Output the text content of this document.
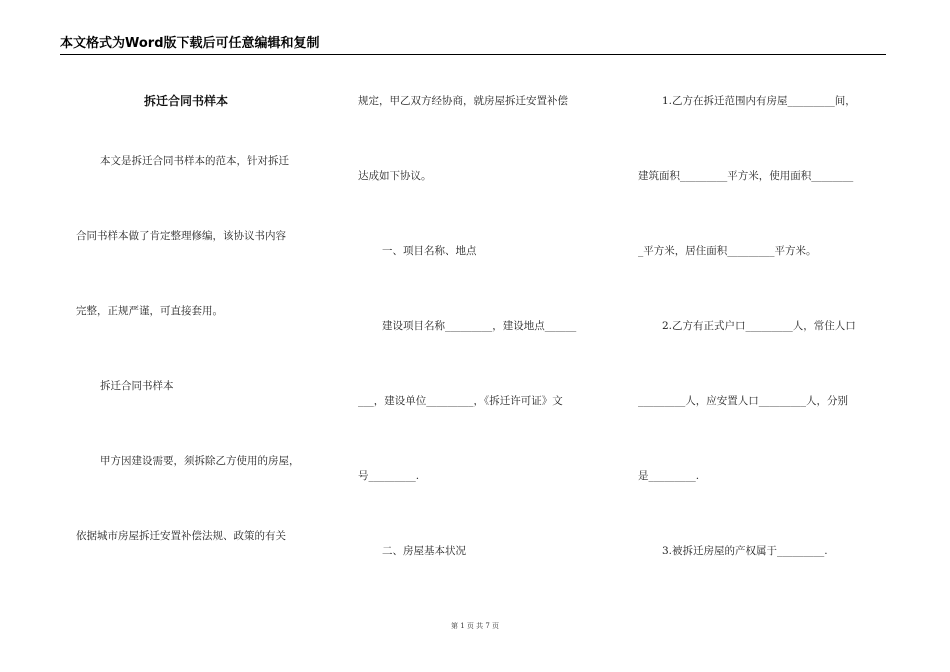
本文格式为Word版下载后可任意编辑和复制
拆迁合同书样本
本文是拆迁合同书样本的范本，针对拆迁
合同书样本做了肯定整理修编，该协议书内容
完整，正规严谨，可直接套用。
拆迁合同书样本
甲方因建设需要，须拆除乙方使用的房屋，
依据城市房屋拆迁安置补偿法规、政策的有关
规定，甲乙双方经协商，就房屋拆迁安置补偿
达成如下协议。
一、项目名称、地点
建设项目名称_________，建设地点______
___，建设单位_________，《拆迁许可证》文
号_________.
二、房屋基本状况
1.乙方在拆迁范围内有房屋_________间，
建筑面积_________平方米，使用面积________
_平方米，居住面积_________平方米。
2.乙方有正式户口_________人，常住人口
_________人，应安置人口_________人，分别
是_________.
3.被拆迁房屋的产权属于_________.
第 1 页 共 7 页
